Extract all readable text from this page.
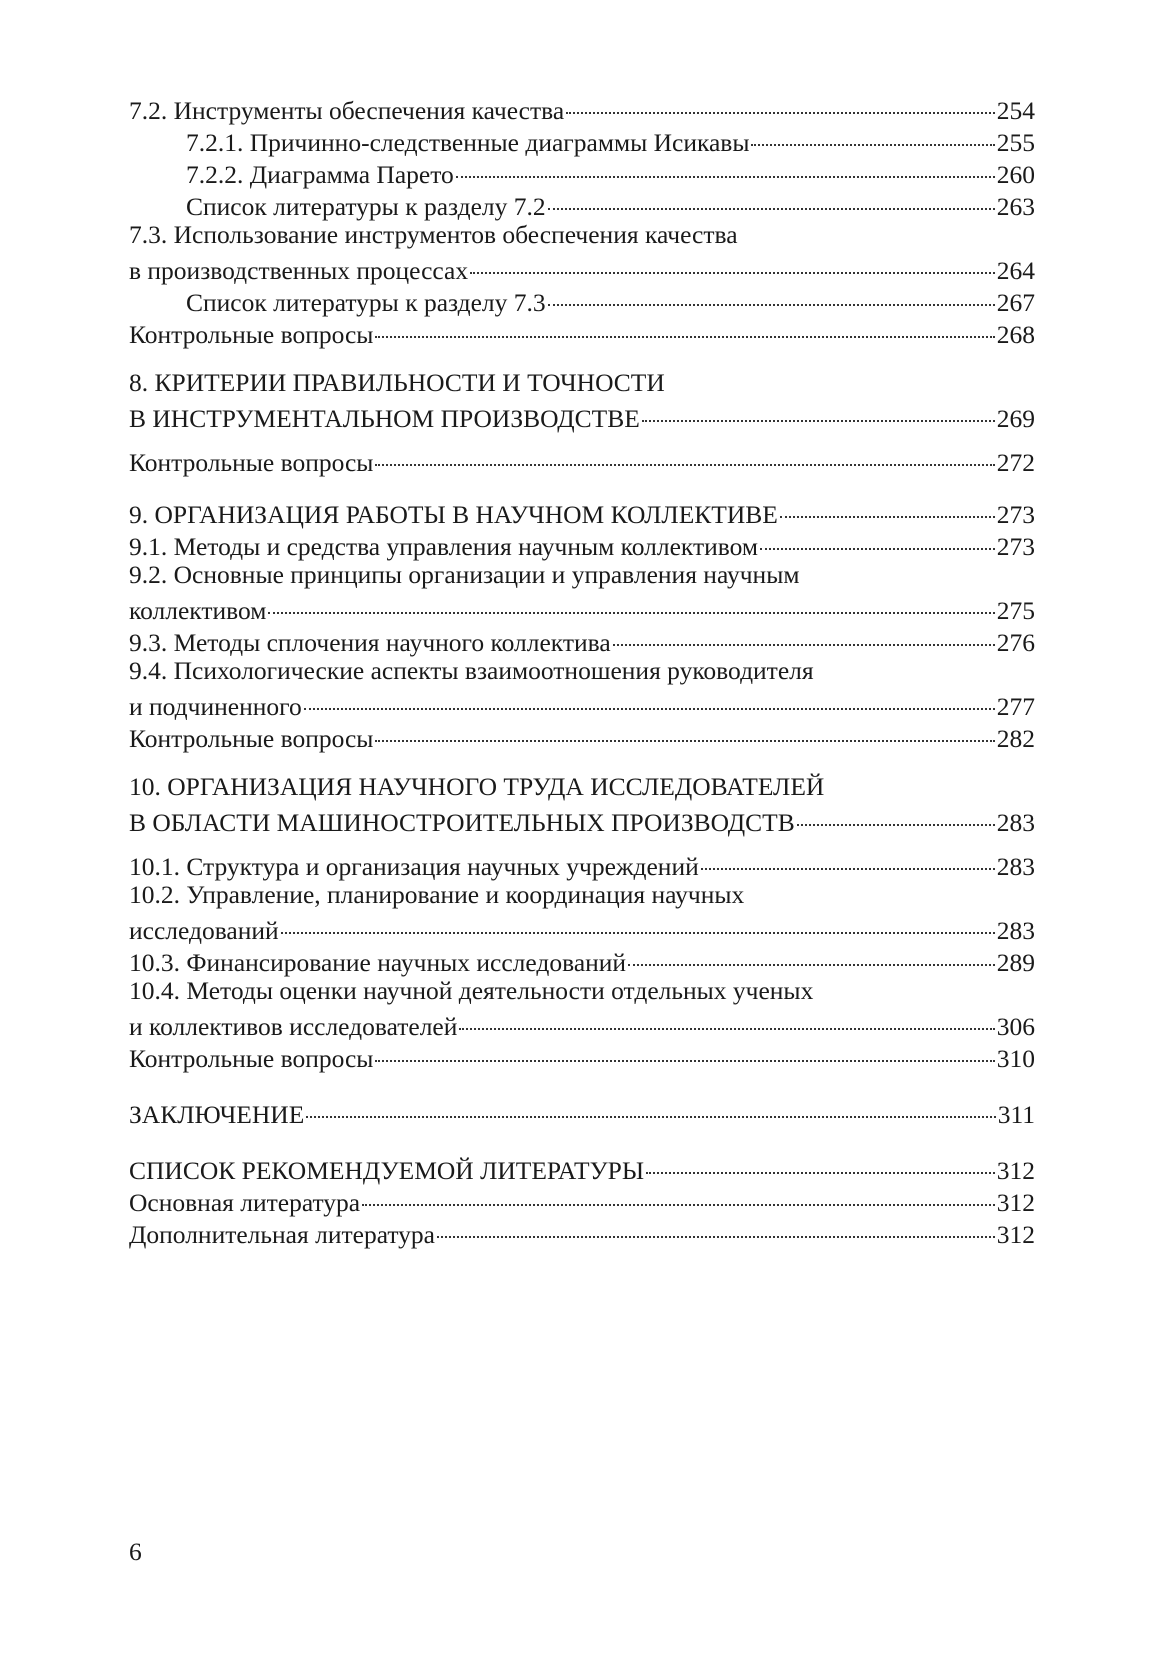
7.2. Инструменты обеспечения качества	254
7.2.1. Причинно-следственные диаграммы Исикавы	255
7.2.2. Диаграмма Парето	260
Список литературы к разделу 7.2	263
7.3. Использование инструментов обеспечения качества
в производственных процессах	264
Список литературы к разделу 7.3	267
Контрольные вопросы	268
8. КРИТЕРИИ ПРАВИЛЬНОСТИ И ТОЧНОСТИ
В ИНСТРУМЕНТАЛЬНОМ ПРОИЗВОДСТВЕ	269
Контрольные вопросы	272
9. ОРГАНИЗАЦИЯ РАБОТЫ В НАУЧНОМ КОЛЛЕКТИВЕ	273
9.1. Методы и средства управления научным коллективом	273
9.2. Основные принципы организации и управления научным
коллективом	275
9.3. Методы сплочения научного коллектива	276
9.4. Психологические аспекты взаимоотношения руководителя
и подчиненного	277
Контрольные вопросы	282
10. ОРГАНИЗАЦИЯ НАУЧНОГО ТРУДА ИССЛЕДОВАТЕЛЕЙ
В ОБЛАСТИ МАШИНОСТРОИТЕЛЬНЫХ ПРОИЗВОДСТВ	283
10.1. Структура и организация научных учреждений	283
10.2. Управление, планирование и координация научных
исследований	283
10.3. Финансирование научных исследований	289
10.4. Методы оценки научной деятельности отдельных ученых
и коллективов исследователей	306
Контрольные вопросы	310
ЗАКЛЮЧЕНИЕ	311
СПИСОК РЕКОМЕНДУЕМОЙ ЛИТЕРАТУРЫ	312
Основная литература	312
Дополнительная литература	312
6
